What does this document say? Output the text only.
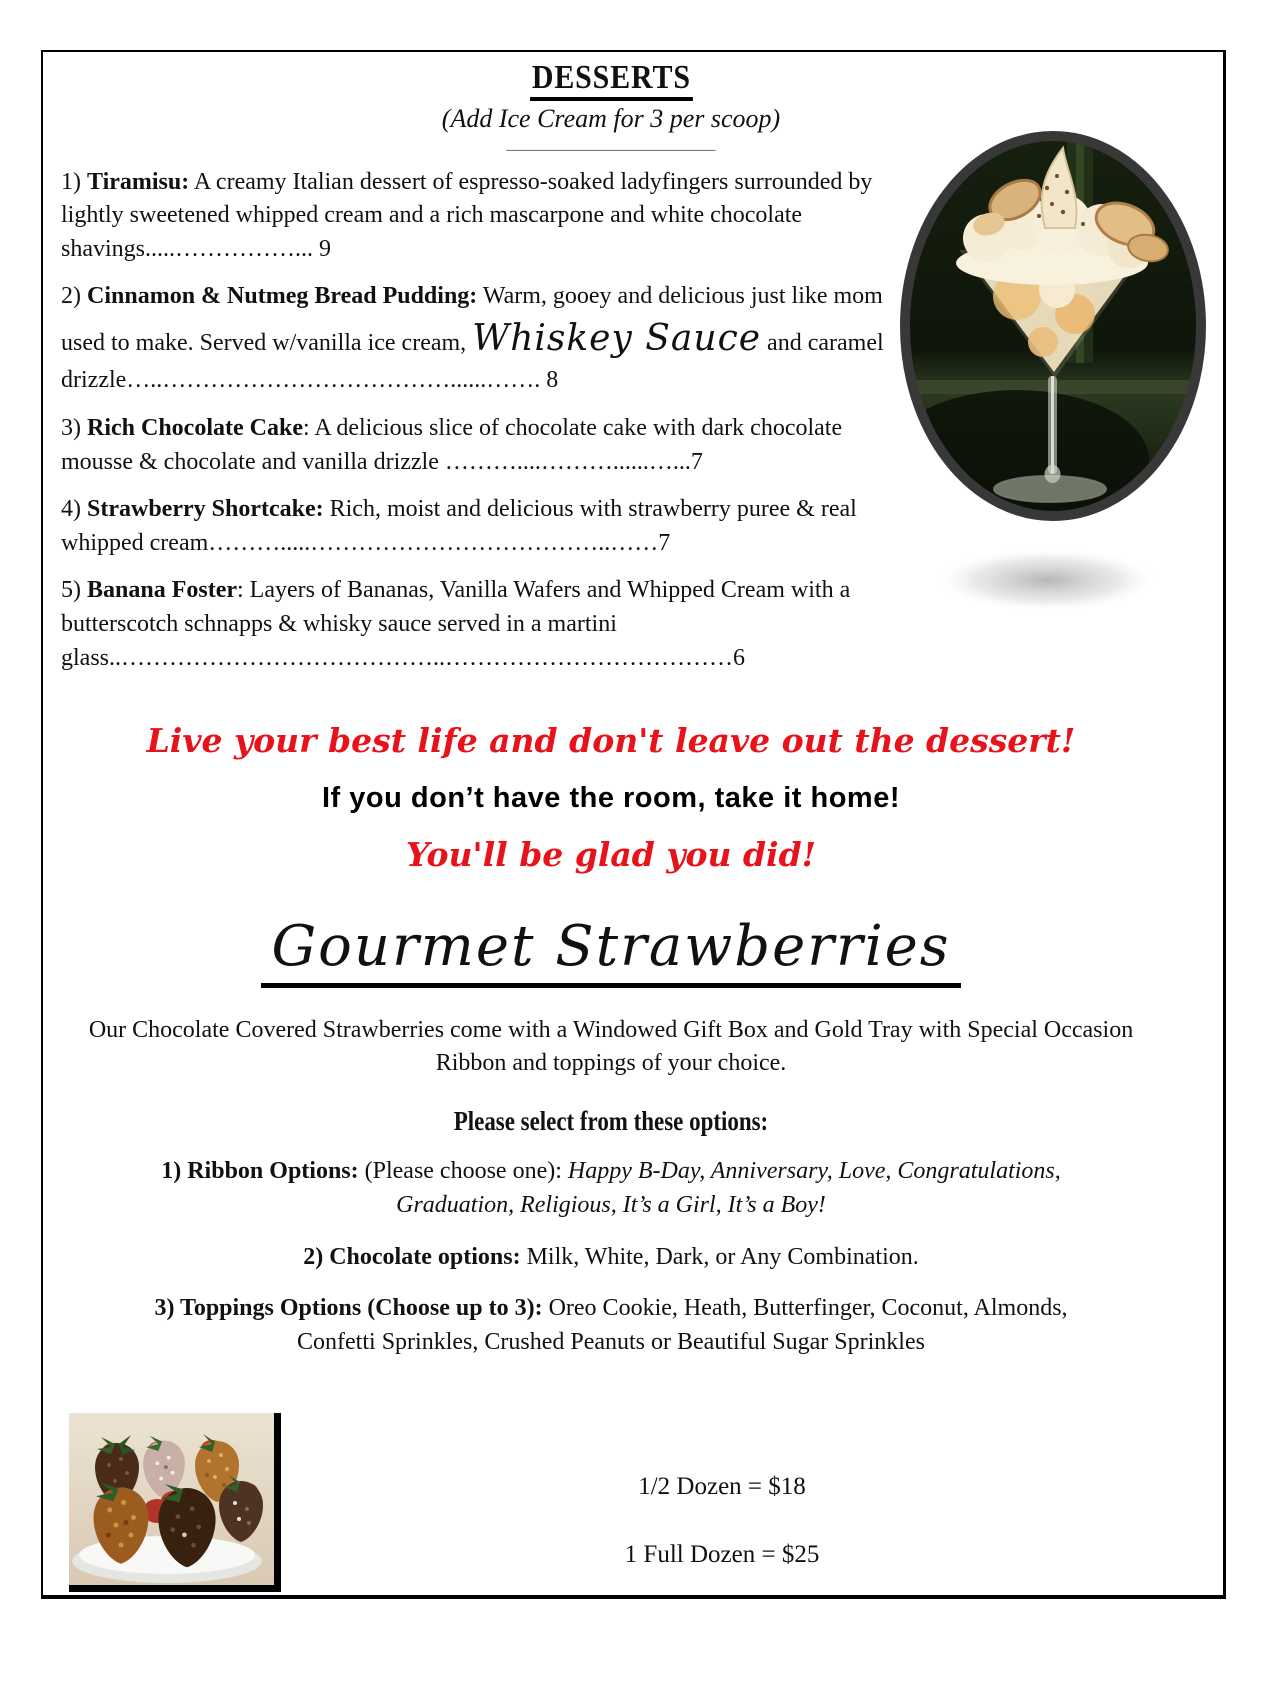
DESSERTS
(Add Ice Cream for 3 per scoop)
___________________
1) Tiramisu: A creamy Italian dessert of espresso-soaked ladyfingers surrounded by lightly sweetened whipped cream and a rich mascarpone and white chocolate shavings.....……………... 9
2) Cinnamon & Nutmeg Bread Pudding: Warm, gooey and delicious just like mom used to make. Served w/vanilla ice cream, Whiskey Sauce and caramel drizzle…..………………………………......……. 8
3) Rich Chocolate Cake: A delicious slice of chocolate cake with dark chocolate mousse & chocolate and vanilla drizzle ………....………......…...7
4) Strawberry Shortcake: Rich, moist and delicious with strawberry puree & real whipped cream……….....………………………………..……7
5) Banana Foster: Layers of Bananas, Vanilla Wafers and Whipped Cream with a butterscotch schnapps & whisky sauce served in a martini glass..…………………………………..………………………………6
Live your best life and don't leave out the dessert!
If you don’t have the room, take it home!
You'll be glad you did!
Gourmet Strawberries
Our Chocolate Covered Strawberries come with a Windowed Gift Box and Gold Tray with Special Occasion Ribbon and toppings of your choice.
Please select from these options:
1) Ribbon Options: (Please choose one): Happy B-Day, Anniversary, Love, Congratulations,
Graduation, Religious, It’s a Girl, It’s a Boy!
2) Chocolate options: Milk, White, Dark, or Any Combination.
3) Toppings Options (Choose up to 3): Oreo Cookie, Heath, Butterfinger, Coconut, Almonds,
Confetti Sprinkles, Crushed Peanuts or Beautiful Sugar Sprinkles
1/2 Dozen = $18
1 Full Dozen = $25
